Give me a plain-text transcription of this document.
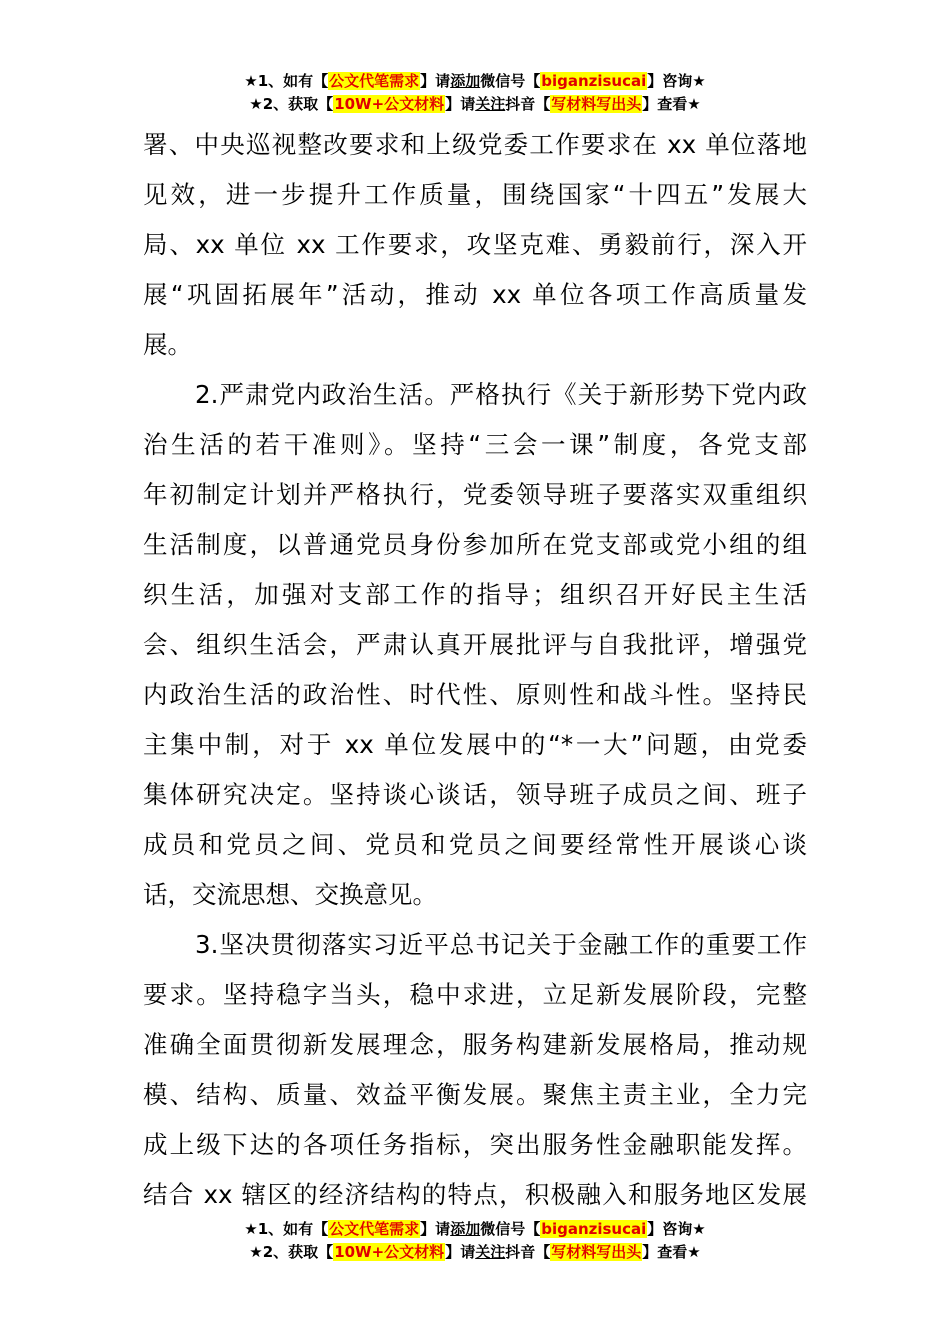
★1、如有【公文代笔需求】请添加微信号【biganzisucai】咨询★
★2、获取【10W+公文材料】请关注抖音【写材料写出头】查看★

署、中央巡视整改要求和上级党委工作要求在 xx 单位落地
见效，进一步提升工作质量，围绕国家“十四五”发展大
局、xx 单位 xx 工作要求，攻坚克难、勇毅前行，深入开
展“巩固拓展年”活动，推动 xx 单位各项工作高质量发
展。

2.严肃党内政治生活。严格执行《关于新形势下党内政
治生活的若干准则》。坚持“三会一课”制度，各党支部
年初制定计划并严格执行，党委领导班子要落实双重组织
生活制度，以普通党员身份参加所在党支部或党小组的组
织生活，加强对支部工作的指导；组织召开好民主生活
会、组织生活会，严肃认真开展批评与自我批评，增强党
内政治生活的政治性、时代性、原则性和战斗性。坚持民
主集中制，对于 xx 单位发展中的“*一大”问题，由党委
集体研究决定。坚持谈心谈话，领导班子成员之间、班子
成员和党员之间、党员和党员之间要经常性开展谈心谈
话，交流思想、交换意见。

3.坚决贯彻落实习近平总书记关于金融工作的重要工作
要求。坚持稳字当头，稳中求进，立足新发展阶段，完整
准确全面贯彻新发展理念，服务构建新发展格局，推动规
模、结构、质量、效益平衡发展。聚焦主责主业，全力完
成上级下达的各项任务指标，突出服务性金融职能发挥。
结合 xx 辖区的经济结构的特点，积极融入和服务地区发展

★1、如有【公文代笔需求】请添加微信号【biganzisucai】咨询★
★2、获取【10W+公文材料】请关注抖音【写材料写出头】查看★
